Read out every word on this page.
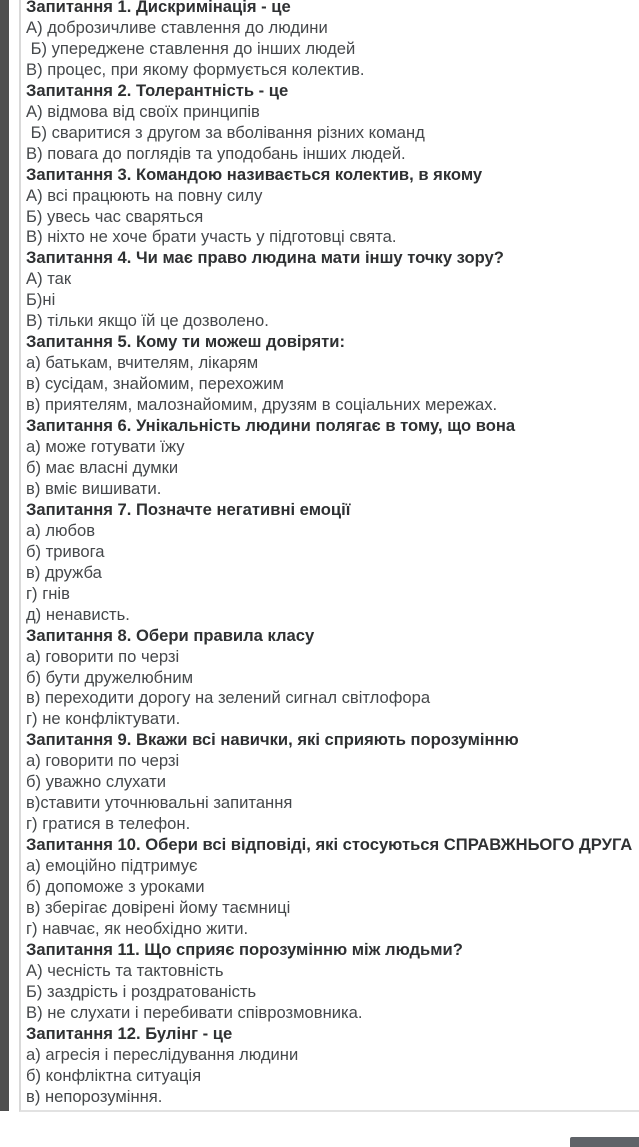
Запитання 1. Дискримінація - це
А) доброзичливе ставлення до людини
Б) упереджене ставлення до інших людей
В) процес, при якому формується колектив.
Запитання 2. Толерантність - це
А) відмова від своїх принципів
Б) сваритися з другом за вболівання різних команд
В) повага до поглядів та уподобань інших людей.
Запитання 3. Командою називається колектив, в якому
А) всі працюють на повну силу
Б) увесь час сваряться
В) ніхто не хоче брати участь у підготовці свята.
Запитання 4. Чи має право людина мати іншу точку зору?
А) так
Б)ні
В) тільки якщо їй це дозволено.
Запитання 5. Кому ти можеш довіряти:
а) батькам, вчителям, лікарям
в) сусідам, знайомим, перехожим
в) приятелям, малознайомим, друзям в соціальних мережах.
Запитання 6. Унікальність людини полягає в тому, що вона
а) може готувати їжу
б) має власні думки
в) вміє вишивати.
Запитання 7. Позначте негативні емоції
а) любов
б) тривога
в) дружба
г) гнів
д) ненависть.
Запитання 8. Обери правила класу
а) говорити по черзі
б) бути дружелюбним
в) переходити дорогу на зелений сигнал світлофора
г) не конфліктувати.
Запитання 9. Вкажи всі навички, які сприяють порозумінню
а) говорити по черзі
б) уважно слухати
в)ставити уточнювальні запитання
г) гратися в телефон.
Запитання 10. Обери всі відповіді, які стосуються СПРАВЖНЬОГО ДРУГА
а) емоційно підтримує
б) допоможе з уроками
в) зберігає довірені йому таємниці
г) навчає, як необхідно жити.
Запитання 11. Що сприяє порозумінню між людьми?
А) чесність та тактовність
Б) заздрість і роздратованість
В) не слухати і перебивати співрозмовника.
Запитання 12. Булінг - це
а) агресія і переслідування людини
б) конфліктна ситуація
в) непорозуміння.
